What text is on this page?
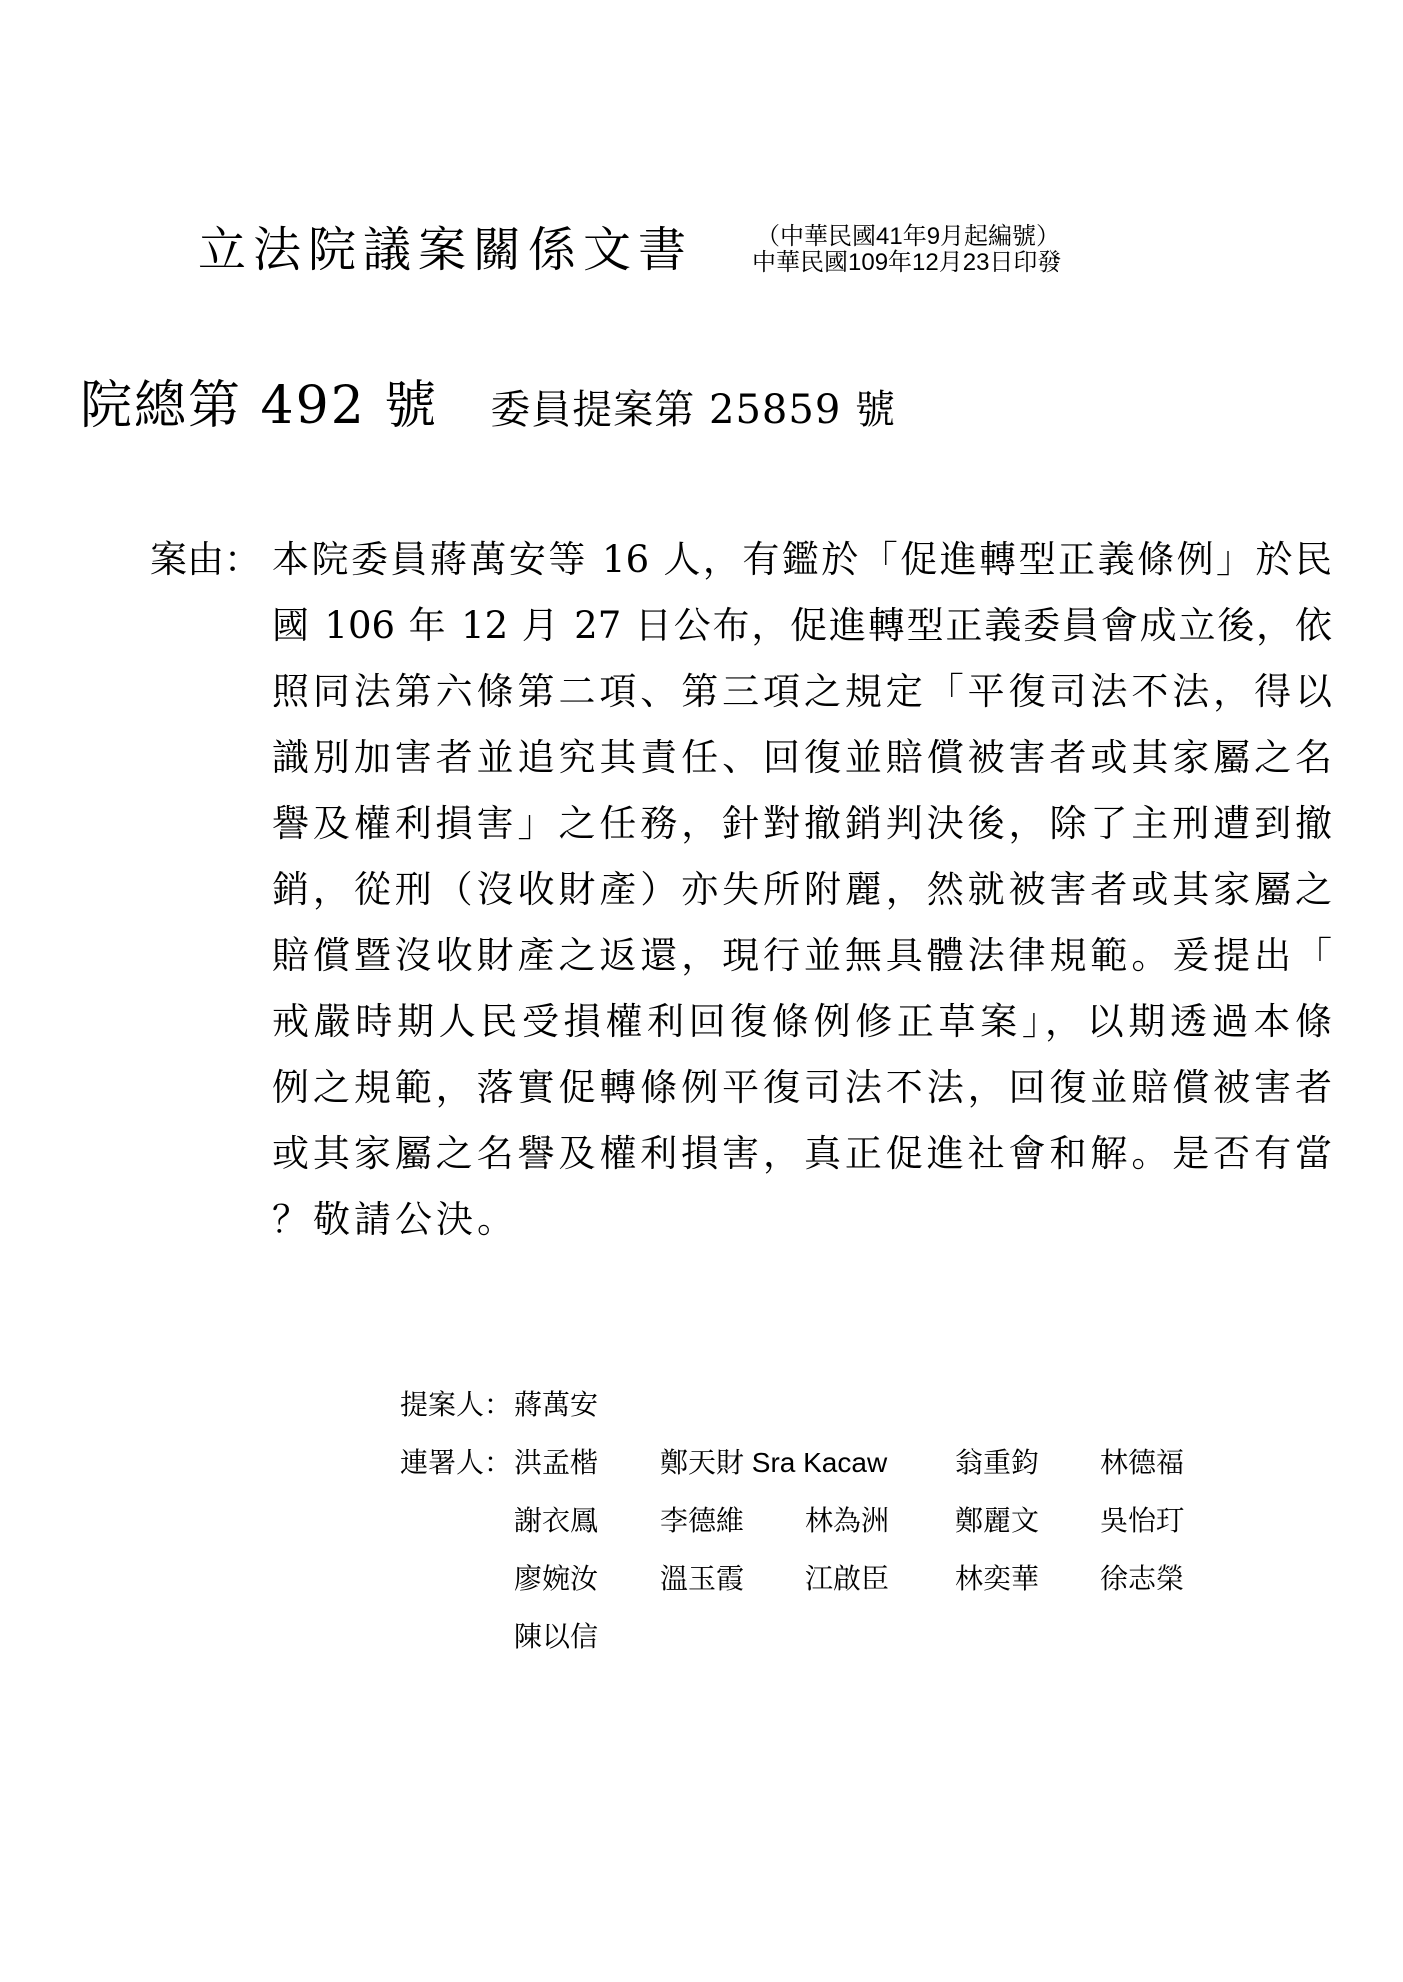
立法院議案關係文書	（中華民國41年9月起編號）
中華民國109年12月23日印發
院總第 492 號 委員提案第 25859 號
案由： 本院委員蔣萬安等 16 人，有鑑於「促進轉型正義條例」於民
國 106 年 12 月 27 日公布，促進轉型正義委員會成立後，依
照同法第六條第二項、第三項之規定「平復司法不法，得以
識別加害者並追究其責任、回復並賠償被害者或其家屬之名
譽及權利損害」之任務，針對撤銷判決後，除了主刑遭到撤
銷，從刑（沒收財產）亦失所附麗，然就被害者或其家屬之
賠償暨沒收財產之返還，現行並無具體法律規範。爰提出「
戒嚴時期人民受損權利回復條例修正草案」，以期透過本條
例之規範，落實促轉條例平復司法不法，回復並賠償被害者
或其家屬之名譽及權利損害，真正促進社會和解。是否有當
？敬請公決。
提案人： 蔣萬安
連署人： 洪孟楷 鄭天財 Sra Kacaw 翁重鈞 林德福
謝衣鳳 李德維 林為洲 鄭麗文 吳怡玎
廖婉汝 溫玉霞 江啟臣 林奕華 徐志榮
陳以信
